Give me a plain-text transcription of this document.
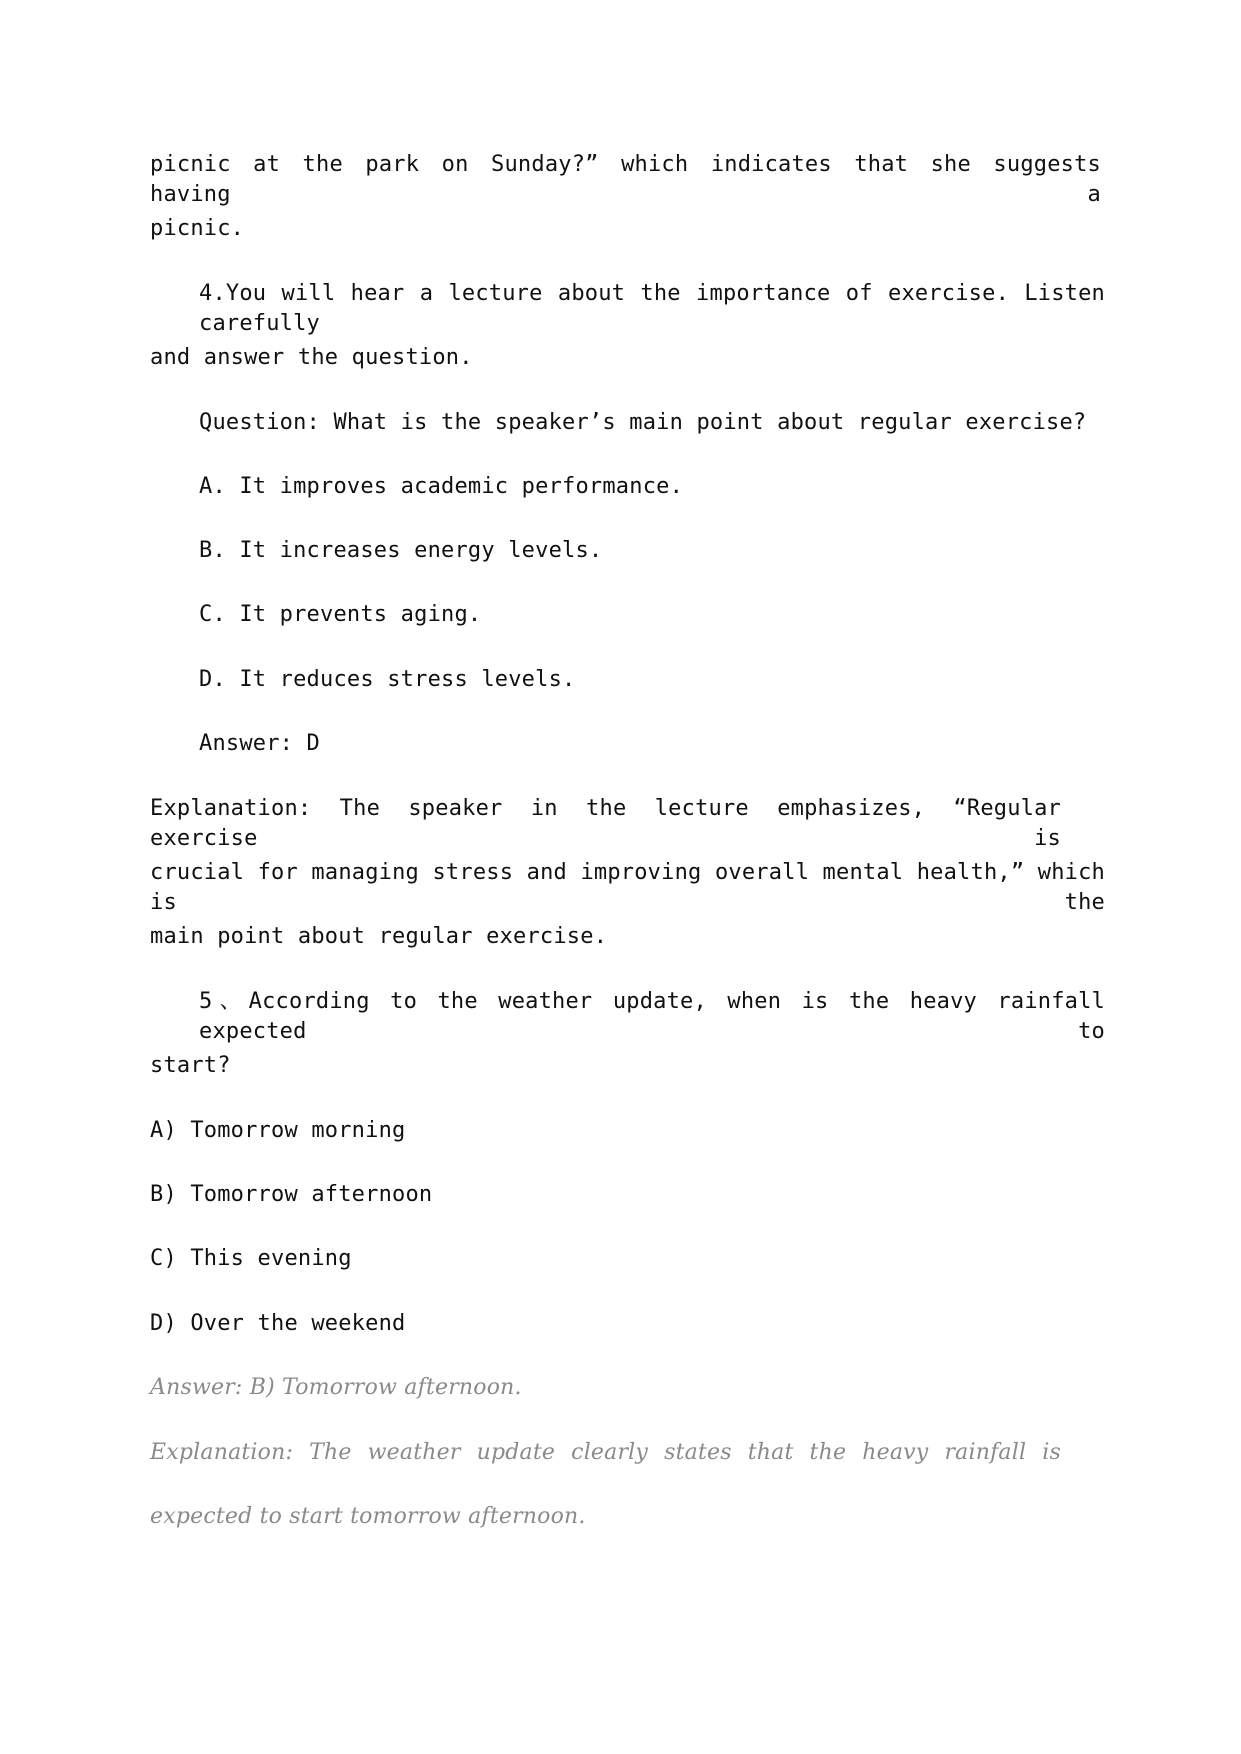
picnic at the park on Sunday?” which indicates that she suggests having a
picnic.
4.You will hear a lecture about the importance of exercise. Listen carefully
and answer the question.
Question: What is the speaker’s main point about regular exercise?
A. It improves academic performance.
B. It increases energy levels.
C. It prevents aging.
D. It reduces stress levels.
Answer: D
Explanation: The speaker in the lecture emphasizes, “Regular exercise is
crucial for managing stress and improving overall mental health,” which is the
main point about regular exercise.
5、According to the weather update, when is the heavy rainfall expected to
start?
A) Tomorrow morning
B) Tomorrow afternoon
C) This evening
D) Over the weekend
Answer: B) Tomorrow afternoon.
Explanation: The weather update clearly states that the heavy rainfall is
expected to start tomorrow afternoon.
